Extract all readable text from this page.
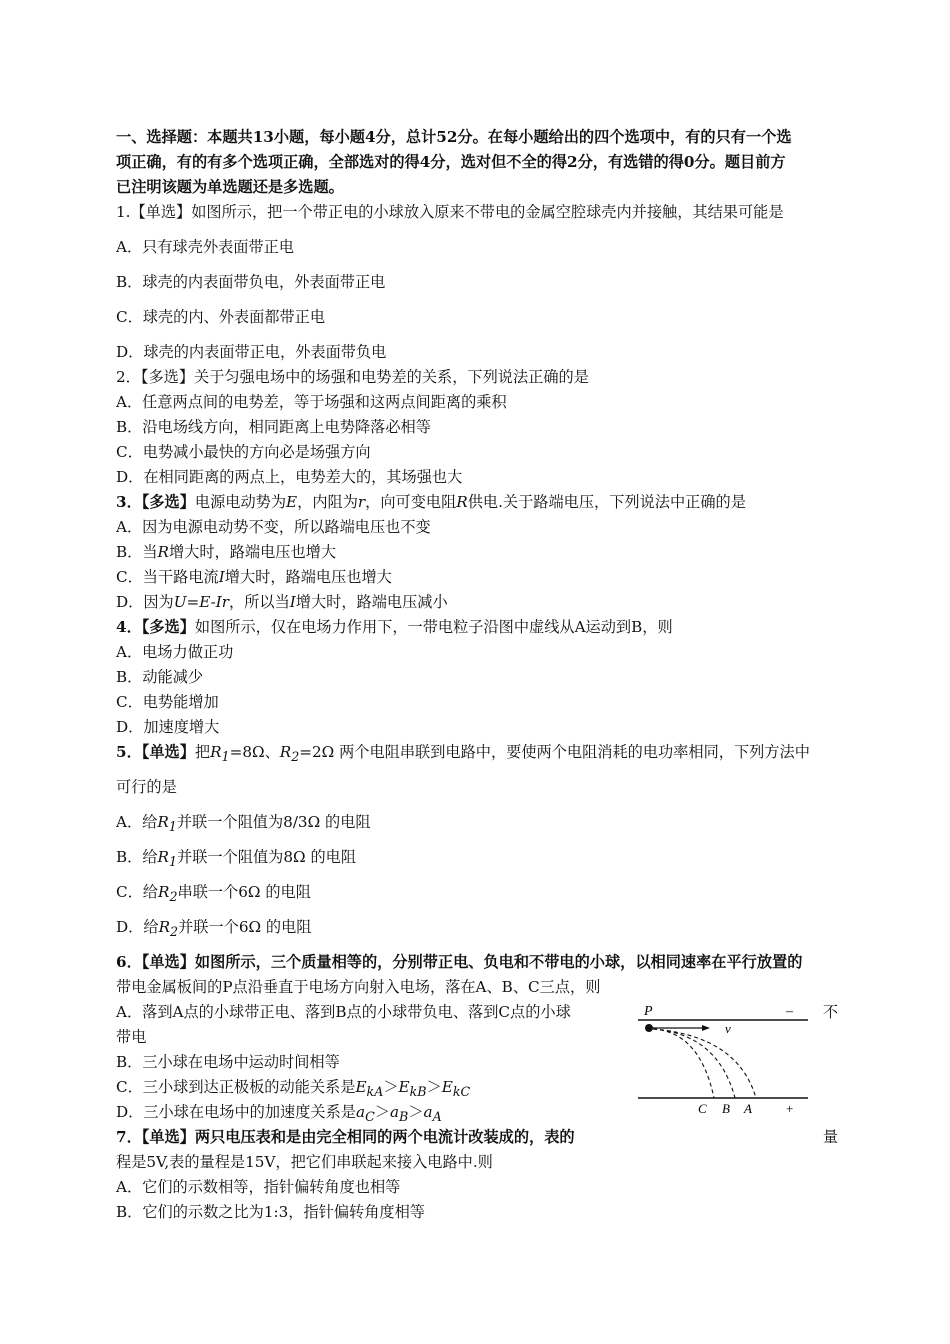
一、选择题：本题共13小题，每小题4分，总计52分。在每小题给出的四个选项中，有的只有一个选
项正确，有的有多个选项正确，全部选对的得4分，选对但不全的得2分，有选错的得0分。题目前方
已注明该题为单选题还是多选题。
1.【单选】如图所示，把一个带正电的小球放入原来不带电的金属空腔球壳内并接触，其结果可能是
A．只有球壳外表面带正电
B．球壳的内表面带负电，外表面带正电
C．球壳的内、外表面都带正电
D．球壳的内表面带正电，外表面带负电
2．【多选】关于匀强电场中的场强和电势差的关系，下列说法正确的是
A．任意两点间的电势差，等于场强和这两点间距离的乘积
B．沿电场线方向，相同距离上电势降落必相等
C．电势减小最快的方向必是场强方向
D．在相同距离的两点上，电势差大的，其场强也大
3．【多选】电源电动势为E，内阻为r，向可变电阻R供电.关于路端电压，下列说法中正确的是
A．因为电源电动势不变，所以路端电压也不变
B．当R增大时，路端电压也增大
C．当干路电流I增大时，路端电压也增大
D．因为U=E-Ir，所以当I增大时，路端电压减小
4．【多选】如图所示，仅在电场力作用下，一带电粒子沿图中虚线从A运动到B，则
A．电场力做正功
B．动能减少
C．电势能增加
D．加速度增大
5．【单选】把$R_1=8\Omega$、$R_2=2\Omega$ 两个电阻串联到电路中，要使两个电阻消耗的电功率相同，下列方法中
可行的是
A．给$R_1$并联一个阻值为8/3Ω 的电阻
B．给$R_1$并联一个阻值为8Ω 的电阻
C．给$R_2$串联一个6Ω 的电阻
D．给$R_2$并联一个6Ω 的电阻
6．【单选】如图所示，三个质量相等的，分别带正电、负电和不带电的小球，以相同速率在平行放置的
带电金属板间的P点沿垂直于电场方向射入电场，落在A、B、C三点，则
P	–
v
C B A	+
A．落到A点的小球带正电、落到B点的小球带负电、落到C点的小球	不
带电
B．三小球在电场中运动时间相等
C．三小球到达正极板的动能关系是$E_{kA}>E_{kB}>E_{kC}$
D．三小球在电场中的加速度关系是$a_C>a_B>a_A$
7．【单选】两只电压表和是由完全相同的两个电流计改装成的，表的	量
程是5V,表的量程是15V，把它们串联起来接入电路中.则
A．它们的示数相等，指针偏转角度也相等
B．它们的示数之比为1:3，指针偏转角度相等
